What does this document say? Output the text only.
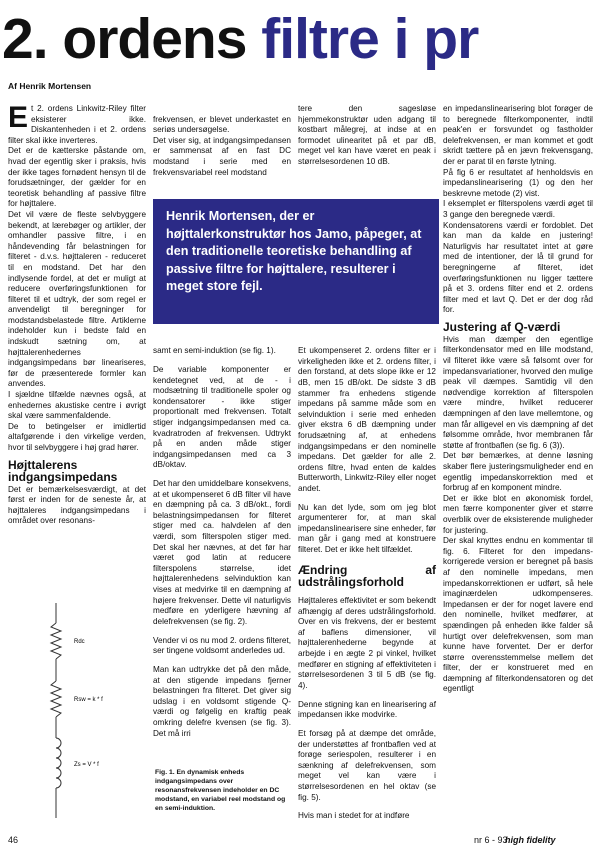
2. ordens filtre i pr
Af Henrik Mortensen

Et 2. ordens Linkwitz-Riley filter eksisterer ikke. Diskantenheden i et 2. ordens filter skal ikke inverteres.

Det er de kætterske påstande om, hvad der egentlig sker i praksis, hvis der ikke tages fornødent hensyn til de forudsætninger, der gælder for en teoretisk behandling af passive filtre for højttalere.

Det vil være de fleste selvbyggere bekendt, at lærebøger og artikler, der omhandler passive filtre, i en håndevending får belastningen for filteret - d.v.s. højttaleren - reduceret til en modstand. Det har den indlysende fordel, at det er muligt at reducere overføringsfunktionen for filteret til et udtryk, der som regel er anvendeligt til beregninger for modstandsbelastede filtre. Artiklerne indeholder kun i bedste fald en indskudt sætning om, at højttalerenhedernes indgangsimpedans bør lineariseres, før de præsenterede formler kan anvendes.

I sjældne tilfælde nævnes også, at enhedernes akustiske centre i øvrigt skal være sammenfaldende.

De to betingelser er imidlertid altafgørende i den virkelige verden, hvor til selvbyggere i høj grad hører.

Højttalerens indgangsimpedans

Det er bemærkelsesværdigt, at det først er inden for de seneste år, at højttaleres indgangsimpedans i området over resonans-

frekvensen, er blevet underkastet en seriøs undersøgelse.
Det viser sig, at indgangsimpedansen er sammensat af en fast DC modstand i serie med en frekvensvariabel reel modstand

tere den sagesløse hjemmekonstruktør uden adgang til kostbart målegrej, at indse at en formodet ulinearitet på et par dB, meget vel kan have været en peak i størrelsesordenen 10 dB.

Henrik Mortensen, der er højttalerkonstruktør hos Jamo, påpeger, at den traditionelle teoretiske behandling af passive filtre for højttalere, resulterer i meget store fejl.

samt en semi-induktion (se fig. 1).

De variable komponenter er kendetegnet ved, at de - i modsætning til traditionelle spoler og kondensatorer - ikke stiger proportionalt med frekvensen. Totalt stiger indgangsimpedansen med ca. kvadratroden af frekvensen. Udtrykt på en anden måde stiger indgangsimpedansen med ca 3 dB/oktav.

Det har den umiddelbare konsekvens, at et ukompenseret 6 dB filter vil have en dæmpning på ca. 3 dB/okt., fordi belastningsimpedansen for filteret stiger med ca. halvdelen af den værdi, som filterspolen stiger med. Det skal her nævnes, at det før har været god latin at reducere filterspolens størrelse, idet højttalerenhedens selvinduktion kan vises at medvirke til en dæmpning af højere frekvenser. Dette vil naturligvis medføre en yderligere hævning af delefrekvensen (se fig. 2).

Vender vi os nu mod 2. ordens filteret, ser tingene voldsomt anderledes ud.

Man kan udtrykke det på den måde, at den stigende impedans fjerner belastningen fra filteret. Det giver sig udslag i en voldsomt stigende Q-værdi og følgelig en kraftig peak omkring delefre kvensen (se fig. 3). Det må irri

Et ukompenseret 2. ordens filter er i virkeligheden ikke et 2. ordens filter, i den forstand, at dets slope ikke er 12 dB, men 15 dB/okt. De sidste 3 dB stammer fra enhedens stigende impedans på samme måde som en selvinduktion i serie med enheden giver ekstra 6 dB dæmpning under forudsætning af, at enhedens indgangsimpedans er den nominelle impedans. Det gælder for alle 2. ordens filtre, hvad enten de kaldes Butterworth, Linkwitz-Riley eller noget andet.

Nu kan det lyde, som om jeg blot argumenterer for, at man skal impedanslinearisere sine enheder, før man går i gang med at konstruere filteret. Det er ikke helt tilfældet.

Ændring af udstrålingsforhold

Højttaleres effektivitet er som bekendt afhængig af deres udstrålingsforhold. Over en vis frekvens, der er bestemt af baflens dimensioner, vil højttalerenhederne begynde at arbejde i en ægte 2 pi vinkel, hvilket medfører en stigning af effektiviteten i størrelsesordenen 3 til 5 dB (se fig. 4).

Denne stigning kan en linearisering af impedansen ikke modvirke.

Et forsøg på at dæmpe det område, der understøttes af frontbaflen ved at forøge seriespolen, resulterer i en sænkning af delefrekvensen, som meget vel kan være i størrelsesordenen en hel oktav (se fig. 5).

Hvis man i stedet for at indføre

en impedanslinearisering blot forøger de to beregnede filterkomponenter, indtil peak'en er forsvundet og fastholder delefrekvensen, er man kommet et godt skridt tættere på en jævn frekvensgang, der er parat til en første lytning.

På fig 6 er resultatet af henholdsvis en impedanslinearisering (1) og den her beskrevne metode (2) vist.

I eksemplet er filterspolens værdi øget til 3 gange den beregnede værdi.

Kondensatorens værdi er fordoblet. Det kan man da kalde en justering! Naturligvis har resultatet intet at gøre med de intentioner, der lå til grund for beregningerne af filteret, idet overføringsfunktionen nu ligger tættere på et 3. ordens filter end et 2. ordens filter med et lavt Q. Det er der dog råd for.

Justering af Q-værdi

Hvis man dæmper den egentlige filterkondensator med en lille modstand, vil filteret ikke være så følsomt over for impedansvariationer, hvorved den mulige peak vil dæmpes. Samtidig vil den nødvendige korrektion af filterspolen være mindre, hvilket reducerer dæmpningen af den lave mellemtone, og man får alligevel en vis dæmpning af det følsomme område, hvor membranen får støtte af frontbaflen (se fig. 6 (3)).

Det bør bemærkes, at denne løsning skaber flere justeringsmuligheder end en egentlig impedanskorrektion med et forbrug af en komponent mindre.

Det er ikke blot en økonomisk fordel, men færre komponenter giver et større overblik over de eksisterende muligheder for justering.

Der skal knyttes endnu en kommentar til fig. 6. Filteret for den impedans-korrigerede version er beregnet på basis af den nominelle impedans, men impedanskorrektionen er udført, så hele imaginærdelen udkompenseres. Impedansen er der for noget lavere end den nominelle, hvilket medfører, at spændingen på enheden ikke falder så hurtigt over delefrekvensen, som man kunne have forventet. Der er derfor større overensstemmelse mellem det filter, der er konstrueret med en dæmpning af filterkondensatoren og det egentligt

Rdc
Rsw = k * f
Zs = V * f
Fig. 1. En dynamisk enheds indgangsimpedans over resonansfrekvensen indeholder en DC modstand, en variabel reel modstand og en semi-induktion.
46	nr 6 - 93
high fidelity
